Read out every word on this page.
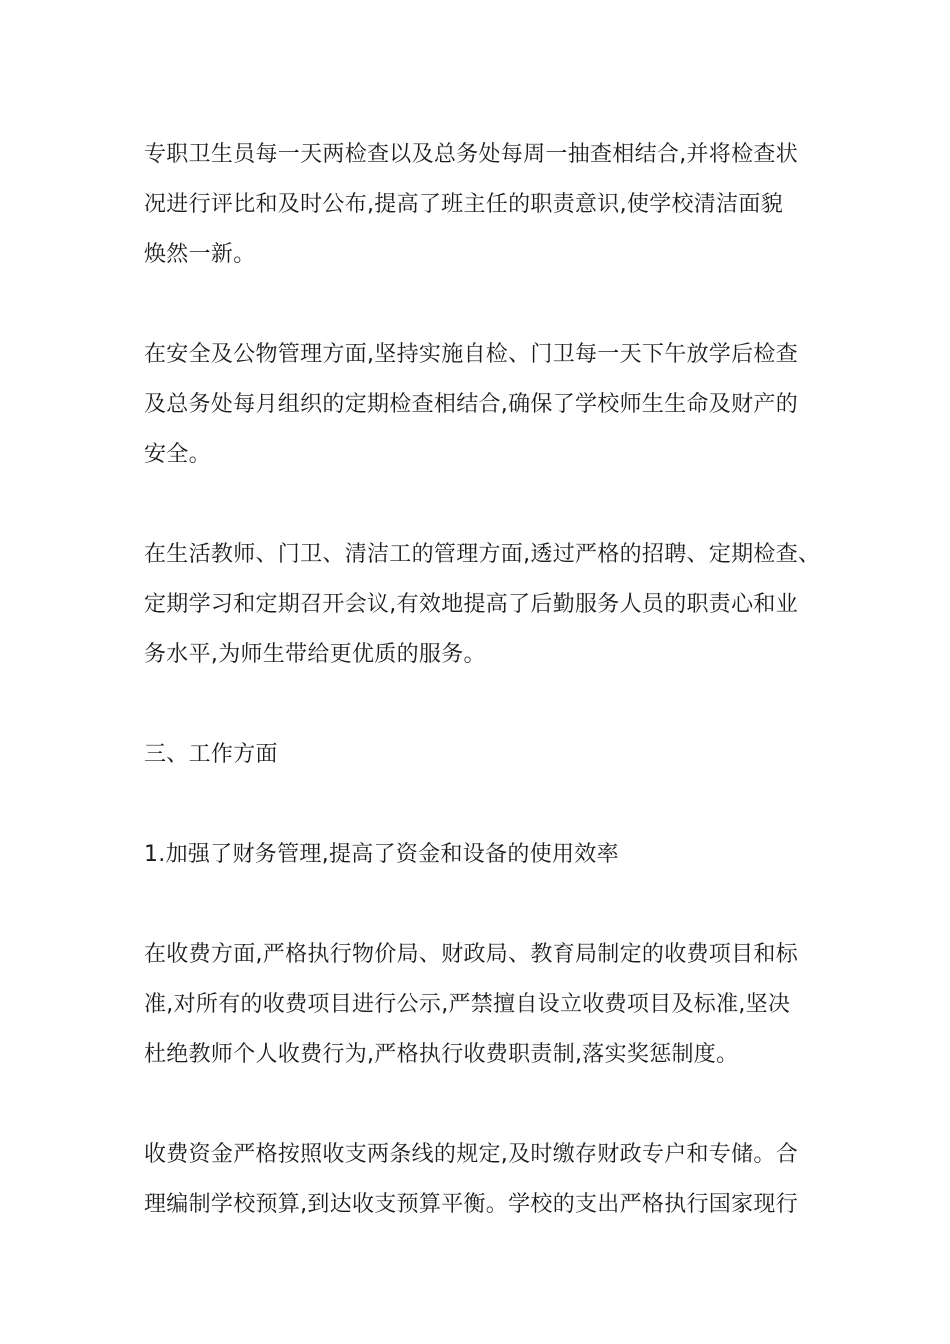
专职卫生员每一天两检查以及总务处每周一抽查相结合,并将检查状
况进行评比和及时公布,提高了班主任的职责意识,使学校清洁面貌
焕然一新。

在安全及公物管理方面,坚持实施自检、门卫每一天下午放学后检查
及总务处每月组织的定期检查相结合,确保了学校师生生命及财产的
安全。

在生活教师、门卫、清洁工的管理方面,透过严格的招聘、定期检查、
定期学习和定期召开会议,有效地提高了后勤服务人员的职责心和业
务水平,为师生带给更优质的服务。

三、工作方面

1.加强了财务管理,提高了资金和设备的使用效率

在收费方面,严格执行物价局、财政局、教育局制定的收费项目和标
准,对所有的收费项目进行公示,严禁擅自设立收费项目及标准,坚决
杜绝教师个人收费行为,严格执行收费职责制,落实奖惩制度。

收费资金严格按照收支两条线的规定,及时缴存财政专户和专储。合
理编制学校预算,到达收支预算平衡。学校的支出严格执行国家现行
